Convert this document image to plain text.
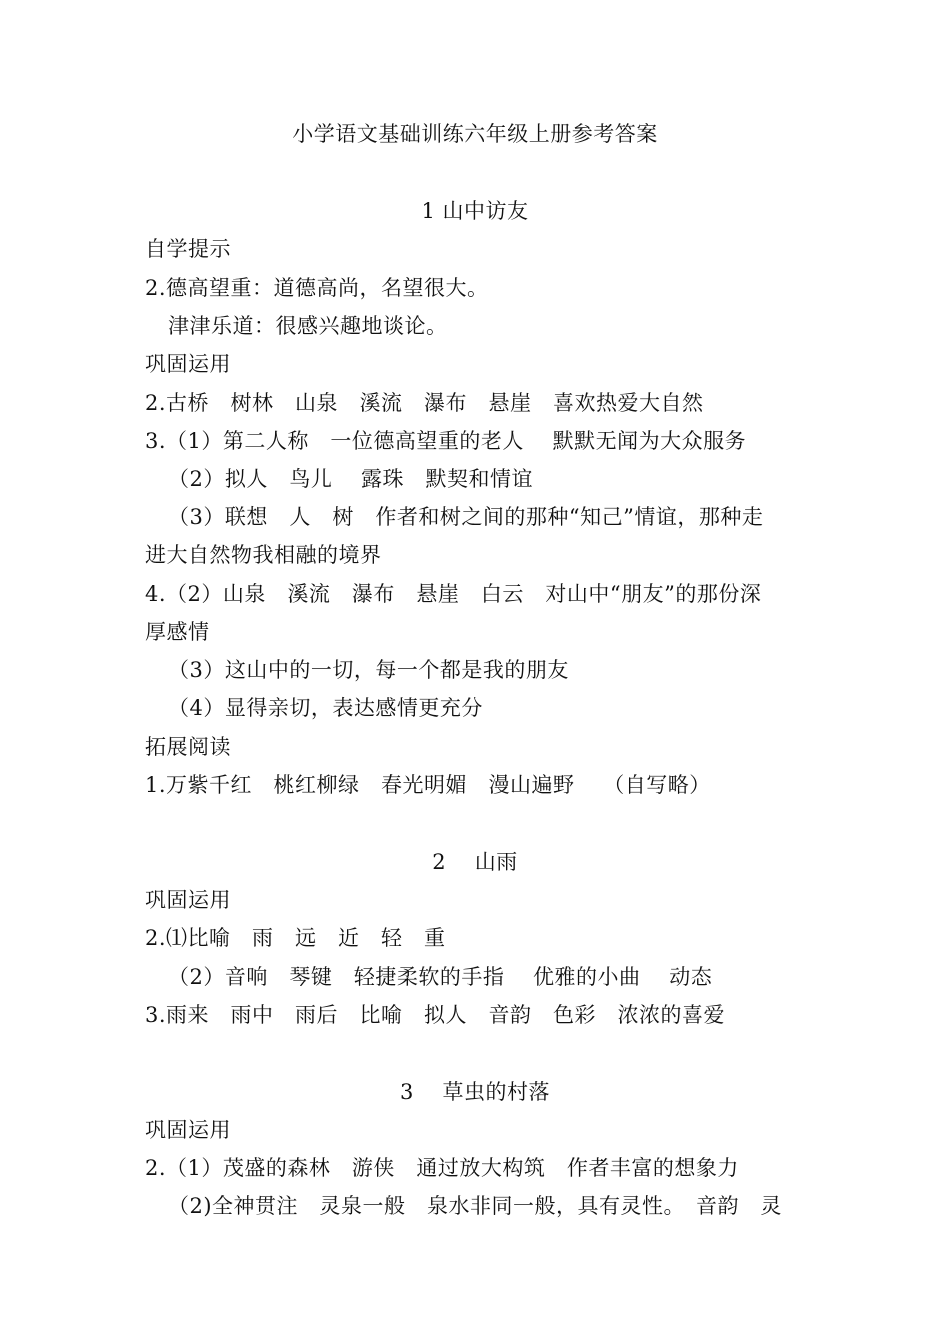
小学语文基础训练六年级上册参考答案
1 山中访友
自学提示
2.德高望重：道德高尚，名望很大。
津津乐道：很感兴趣地谈论。
巩固运用
2.古桥　树林　山泉　溪流　瀑布　悬崖　喜欢热爱大自然
3.（1）第二人称　一位德高望重的老人　 默默无闻为大众服务
（2）拟人　鸟儿　 露珠　默契和情谊
（3）联想　人　树　作者和树之间的那种“知己”情谊，那种走
进大自然物我相融的境界
4.（2）山泉　溪流　瀑布　悬崖　白云　对山中“朋友”的那份深
厚感情
（3）这山中的一切，每一个都是我的朋友
（4）显得亲切，表达感情更充分
拓展阅读
1.万紫千红　桃红柳绿　春光明媚　漫山遍野　 （自写略）
2　 山雨
巩固运用
2.⑴比喻　雨　远　近　轻　重
（2）音响　琴键　轻捷柔软的手指　 优雅的小曲　 动态
3.雨来　雨中　雨后　比喻　拟人　音韵　色彩　浓浓的喜爱
3　 草虫的村落
巩固运用
2.（1）茂盛的森林　游侠　通过放大构筑　作者丰富的想象力
（2)全神贯注　灵泉一般　泉水非同一般，具有灵性。　音韵　灵
